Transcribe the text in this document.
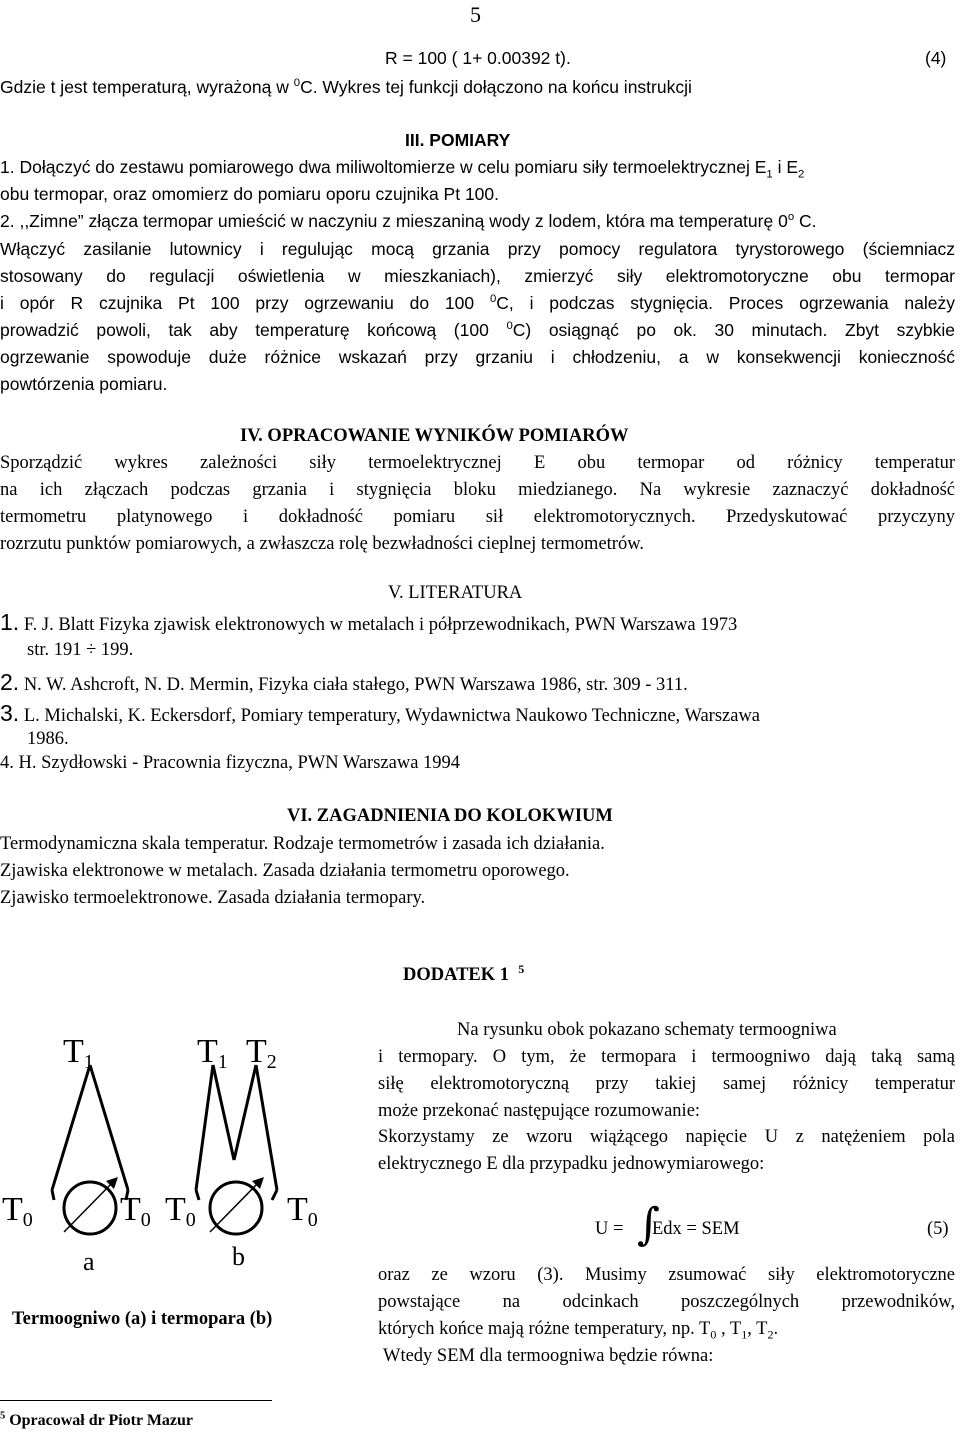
5
R = 100 ( 1+ 0.00392 t).	(4)
Gdzie t jest temperaturą, wyrażoną w $^0$C. Wykres tej funkcji dołączono na końcu instrukcji
III. POMIARY
1. Dołączyć do zestawu pomiarowego dwa miliwoltomierze w celu pomiaru siły termoelektrycznej $E_1$ i $E_2$
obu termopar, oraz omomierz do pomiaru oporu czujnika Pt 100.
2. ,,Zimne” złącza termopar umieścić w naczyniu z mieszaniną wody z lodem, która ma temperaturę 0$^o$ C.
Włączyć zasilanie lutownicy i regulując mocą grzania przy pomocy regulatora tyrystorowego (ściemniacz
stosowany do regulacji oświetlenia w mieszkaniach), zmierzyć siły elektromotoryczne obu termopar
i opór R czujnika Pt 100 przy ogrzewaniu do 100 $^0$C, i podczas stygnięcia. Proces ogrzewania należy
prowadzić powoli, tak aby temperaturę końcową (100 $^0$C) osiągnąć po ok. 30 minutach. Zbyt szybkie
ogrzewanie spowoduje duże różnice wskazań przy grzaniu i chłodzeniu, a w konsekwencji konieczność
powtórzenia pomiaru.
IV. OPRACOWANIE WYNIKÓW POMIARÓW
Sporządzić wykres zależności siły termoelektrycznej E obu termopar od różnicy temperatur
na ich złączach podczas grzania i stygnięcia bloku miedzianego. Na wykresie zaznaczyć dokładność
termometru platynowego i dokładność pomiaru sił elektromotorycznych. Przedyskutować przyczyny
rozrzutu punktów pomiarowych, a zwłaszcza rolę bezwładności cieplnej termometrów.
V. LITERATURA
1. F. J. Blatt Fizyka zjawisk elektronowych w metalach i półprzewodnikach, PWN Warszawa 1973
str. 191 ÷ 199.
2. N. W. Ashcroft, N. D. Mermin, Fizyka ciała stałego, PWN Warszawa 1986, str. 309 - 311.
3. L. Michalski, K. Eckersdorf, Pomiary temperatury, Wydawnictwa Naukowo Techniczne, Warszawa
1986.
4. H. Szydłowski - Pracownia fizyczna, PWN Warszawa 1994
VI. ZAGADNIENIA DO KOLOKWIUM
Termodynamiczna skala temperatur. Rodzaje termometrów i zasada ich działania.
Zjawiska elektronowe w metalach. Zasada działania termometru oporowego.
Zjawisko termoelektronowe. Zasada działania termopary.
DODATEK 1 $^5$
Na rysunku obok pokazano schematy termoogniwa
i termopary. O tym, że termopara i termoogniwo dają taką samą
siłę elektromotoryczną przy takiej samej różnicy temperatur
może przekonać następujące rozumowanie:
Skorzystamy ze wzoru wiążącego napięcie U z natężeniem pola
elektrycznego E dla przypadku jednowymiarowego:
U = ∫
Edx = SEM	(5)
oraz ze wzoru (3). Musimy zsumować siły elektromotoryczne
powstające na odcinkach poszczególnych przewodników,
których końce mają różne temperatury, np. $T_0$ , $T_1$, $T_2$.
Wtedy SEM dla termoogniwa będzie równa:
T1	T1 T2
T0	T0 T0	T0
a	b
Termoogniwo (a) i termopara (b)
$^5$ Opracował dr Piotr Mazur
